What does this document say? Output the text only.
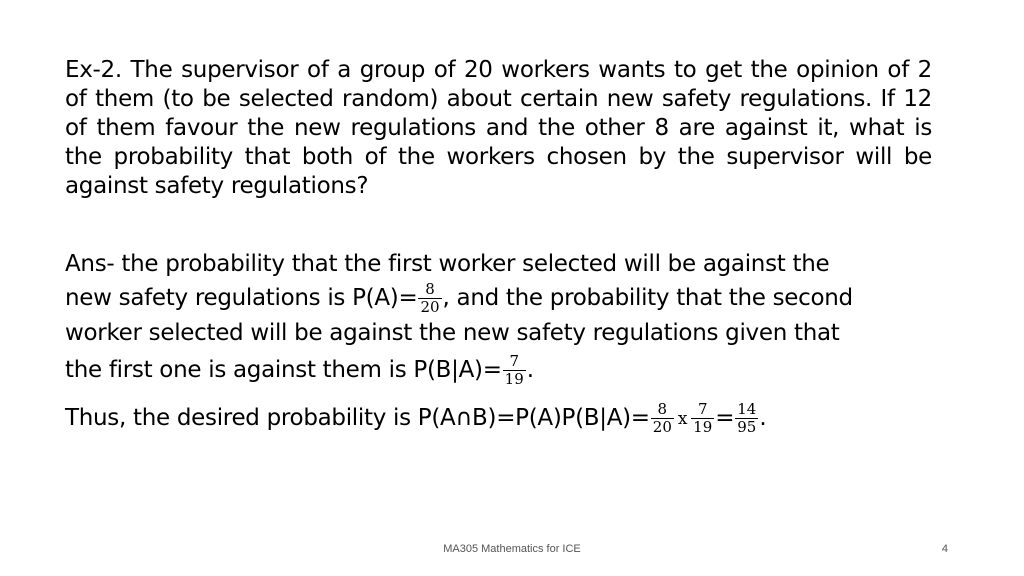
Ex-2. The supervisor of a group of 20 workers wants to get the opinion of 2 of them (to be selected random) about certain new safety regulations. If 12 of them favour the new regulations and the other 8 are against it, what is the probability that both of the workers chosen by the supervisor will be against safety regulations?
Ans- the probability that the first worker selected will be against the
new safety regulations is $P(A)= \frac{8}{20}$ , and the probability that the second
worker selected will be against the new safety regulations given that
the first one is against them is $P(B|A)= \frac{7}{19}$ .
Thus, the desired probability is P(A∩B)=P(A)P(B|A)= $\frac{8}{20}$ x $\frac{7}{19} = \frac{14}{95}$ .
MA305 Mathematics for ICE	4
